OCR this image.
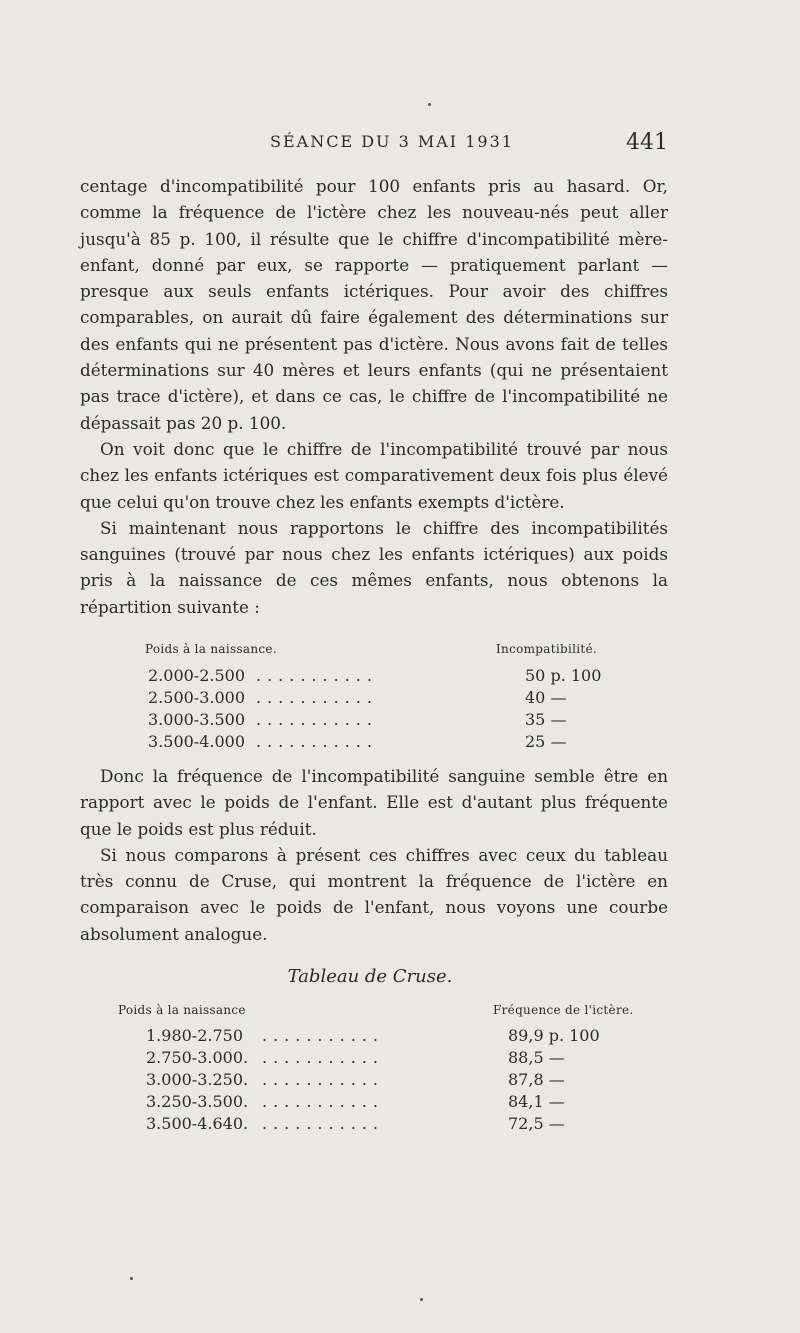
SÉANCE DU 3 MAI 1931	441

centage d'incompatibilité pour 100 enfants pris au hasard. Or, comme la fréquence de l'ictère chez les nouveau-nés peut aller jusqu'à 85 p. 100, il résulte que le chiffre d'incompatibilité mère-enfant, donné par eux, se rapporte — pratiquement parlant — presque aux seuls enfants ictériques. Pour avoir des chiffres comparables, on aurait dû faire également des déterminations sur des enfants qui ne présentent pas d'ictère. Nous avons fait de telles déterminations sur 40 mères et leurs enfants (qui ne présentaient pas trace d'ictère), et dans ce cas, le chiffre de l'incompatibilité ne dépassait pas 20 p. 100.

On voit donc que le chiffre de l'incompatibilité trouvé par nous chez les enfants ictériques est comparativement deux fois plus élevé que celui qu'on trouve chez les enfants exempts d'ictère.

Si maintenant nous rapportons le chiffre des incompatibilités sanguines (trouvé par nous chez les enfants ictériques) aux poids pris à la naissance de ces mêmes enfants, nous obtenons la répartition suivante :

Poids à la naissance.	Incompatibilité.
2.000-2.500 ...........	50 p. 100
2.500-3.000 ...........	40 —
3.000-3.500 ...........	35 —
3.500-4.000 ...........	25 —

Donc la fréquence de l'incompatibilité sanguine semble être en rapport avec le poids de l'enfant. Elle est d'autant plus fréquente que le poids est plus réduit.

Si nous comparons à présent ces chiffres avec ceux du tableau très connu de Cruse, qui montrent la fréquence de l'ictère en comparaison avec le poids de l'enfant, nous voyons une courbe absolument analogue.

Tableau de Cruse.
Poids à la naissance	Fréquence de l'ictère.
1.980-2.750 ...........	89,9 p. 100
2.750-3.000. ...........	88,5 —
3.000-3.250. ...........	87,8 —
3.250-3.500. ...........	84,1 —
3.500-4.640. ...........	72,5 —
